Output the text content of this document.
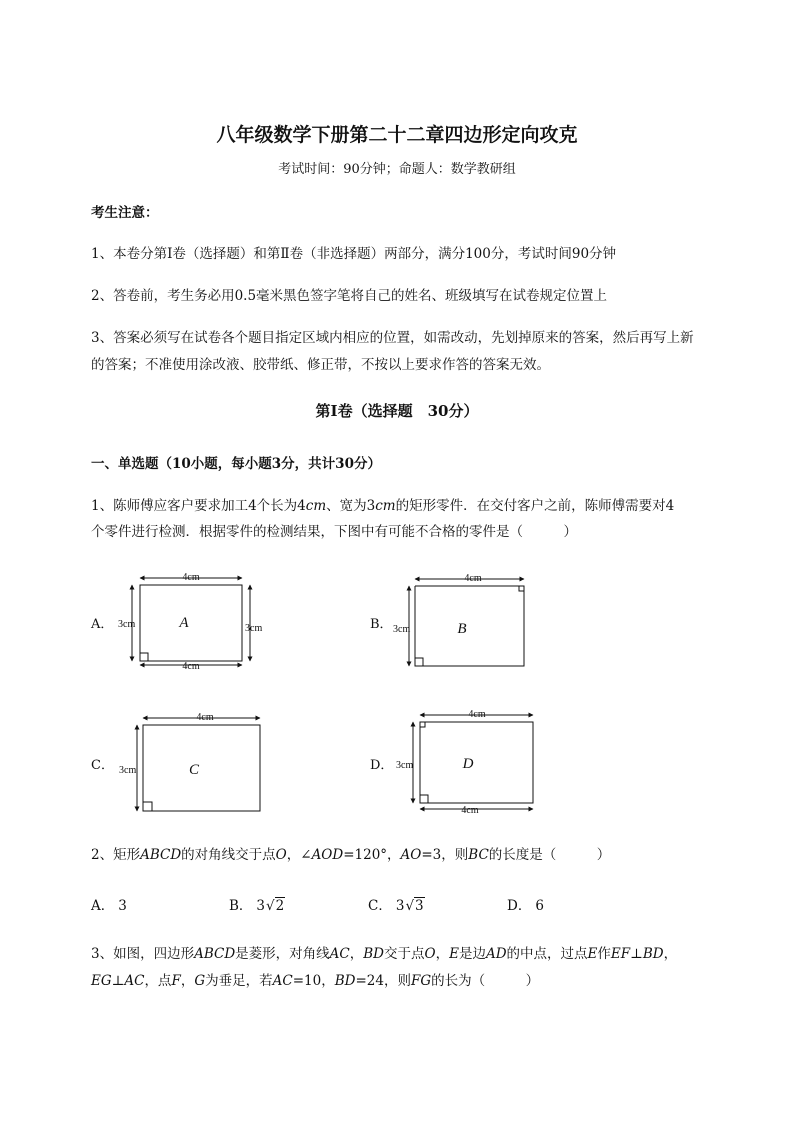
八年级数学下册第二十二章四边形定向攻克
考试时间：90分钟；命题人：数学教研组
考生注意：
1、本卷分第I卷（选择题）和第Ⅱ卷（非选择题）两部分，满分100分，考试时间90分钟
2、答卷前，考生务必用0.5毫米黑色签字笔将自己的姓名、班级填写在试卷规定位置上
3、答案必须写在试卷各个题目指定区域内相应的位置，如需改动，先划掉原来的答案，然后再写上新
的答案；不准使用涂改液、胶带纸、修正带，不按以上要求作答的答案无效。
第I卷（选择题　30分）
一、单选题（10小题，每小题3分，共计30分）
1、陈师傅应客户要求加工4个长为4cm、宽为3cm的矩形零件．在交付客户之前，陈师傅需要对4
个零件进行检测．根据零件的检测结果，下图中有可能不合格的零件是（　　　）
A．	B．
C．	D．
4cm
4cm
3cm	3cm
A
4cm
3cm	B
4cm
3cm	C
4cm
4cm
3cm	D
2、矩形ABCD的对角线交于点O，∠AOD=120°，AO=3，则BC的长度是（　　　）
A． 3	B． 3√2	C． 3√3	D． 6
3、如图，四边形ABCD是菱形，对角线AC，BD交于点O，E是边AD的中点，过点E作EF⊥BD，
EG⊥AC，点F，G为垂足，若AC=10，BD=24，则FG的长为（　　　）
